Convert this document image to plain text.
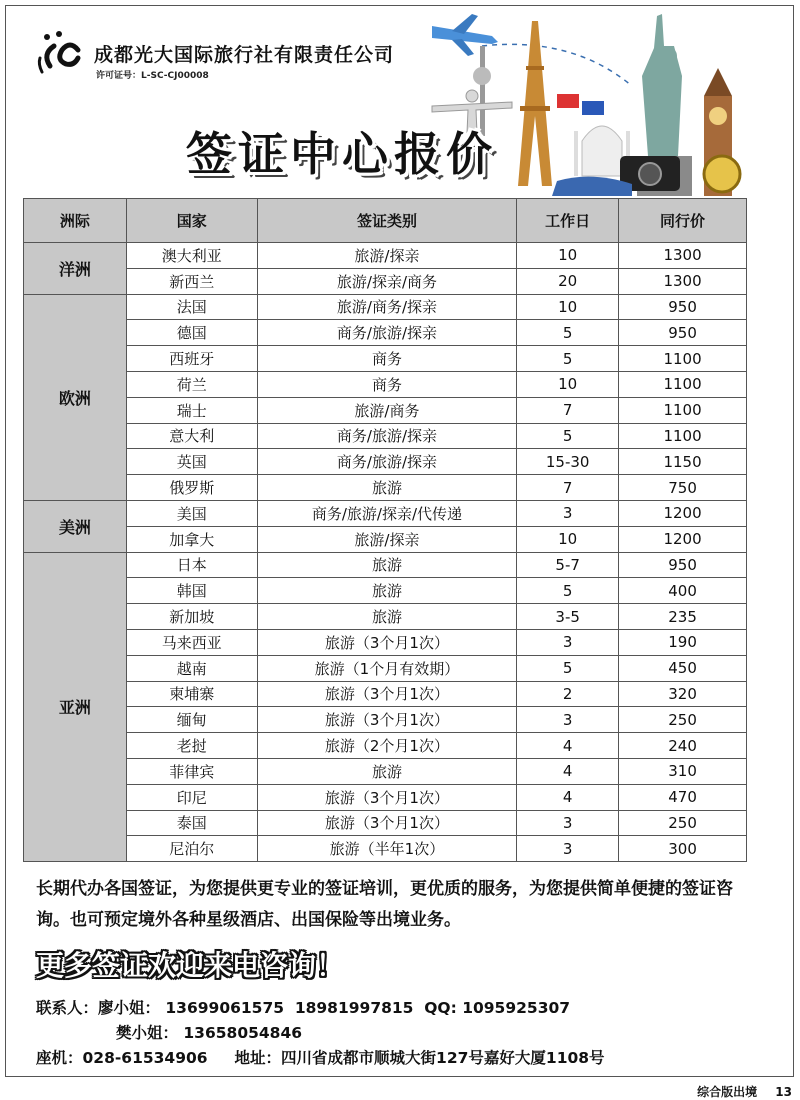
成都光大国际旅行社有限责任公司
许可证号：L-SC-CJ00008
签证中心报价
洲际	国家	签证类别	工作日	同行价
洋洲	澳大利亚	旅游/探亲	10	1300
	新西兰	旅游/探亲/商务	20	1300
欧洲	法国	旅游/商务/探亲	10	950
	德国	商务/旅游/探亲	5	950
	西班牙	商务	5	1100
	荷兰	商务	10	1100
	瑞士	旅游/商务	7	1100
	意大利	商务/旅游/探亲	5	1100
	英国	商务/旅游/探亲	15-30	1150
	俄罗斯	旅游	7	750
美洲	美国	商务/旅游/探亲/代传递	3	1200
	加拿大	旅游/探亲	10	1200
亚洲	日本	旅游	5-7	950
	韩国	旅游	5	400
	新加坡	旅游	3-5	235
	马来西亚	旅游（3个月1次）	3	190
	越南	旅游（1个月有效期）	5	450
	柬埔寨	旅游（3个月1次）	2	320
	缅甸	旅游（3个月1次）	3	250
	老挝	旅游（2个月1次）	4	240
	菲律宾	旅游	4	310
	印尼	旅游（3个月1次）	4	470
	泰国	旅游（3个月1次）	3	250
	尼泊尔	旅游（半年1次）	3	300
长期代办各国签证，为您提供更专业的签证培训，更优质的服务，为您提供简单便捷的签证咨询。也可预定境外各种星级酒店、出国保险等出境业务。
更多签证欢迎来电咨询！
联系人：廖小姐： 13699061575  18981997815  QQ: 1095925307
樊小姐： 13658054846
座机：028-61534906     地址：四川省成都市顺城大街127号嘉好大厦1108号
综合版出境 13
